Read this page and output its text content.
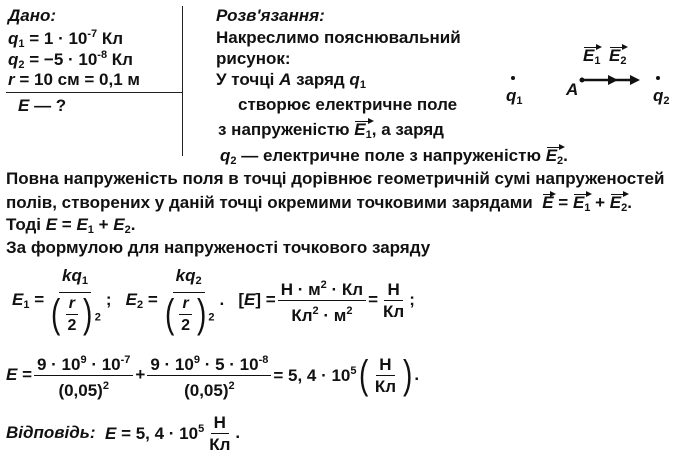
Дано:
$q_1 = 1 \cdot 10^{-7}$ Кл
$q_2 = -5 \cdot 10^{-8}$ Кл
r = 10 см = 0,1 м
E — ?
Розв'язання:
Накреслимо пояснювальний
рисунок:
У точці А заряд $q_1$
створює електричне поле
з напруженістю $E_1$, а заряд
$q_2$ — електричне поле з напруженістю $E_2$.
$q_1$
A
$E_1$ $E_2$
$q_2$
Повна напруженість поля в точці дорівнює геометричній сумі напруженостей
полів, створених у даній точці окремими точковими зарядами  $E = E_1 + E_2$.
Тоді $E = E_1 + E_2$.
За формулою для напруженості точкового заряду
$E_1 = \frac{kq_1}{( \frac{r}{2} ) ^2}$ ;   $E_2 = \frac{kq_2}{( \frac{r}{2} ) ^2}$ .   $[E] = \frac{Н \cdot м^2 \cdot Кл}{Кл^2 \cdot м^2} = \frac{Н}{Кл}$ ;
$E = \frac{9 \cdot 10^9 \cdot 10^{-7}}{(0,05)^2} + \frac{9 \cdot 10^9 \cdot 5 \cdot 10^{-8}}{(0,05)^2} = 5$, $4 \cdot 10^5$ ( $\frac{Н}{Кл}$ ) .
Відповідь: E = 5, $4 \cdot 10^5 \frac{Н}{Кл}$ .
